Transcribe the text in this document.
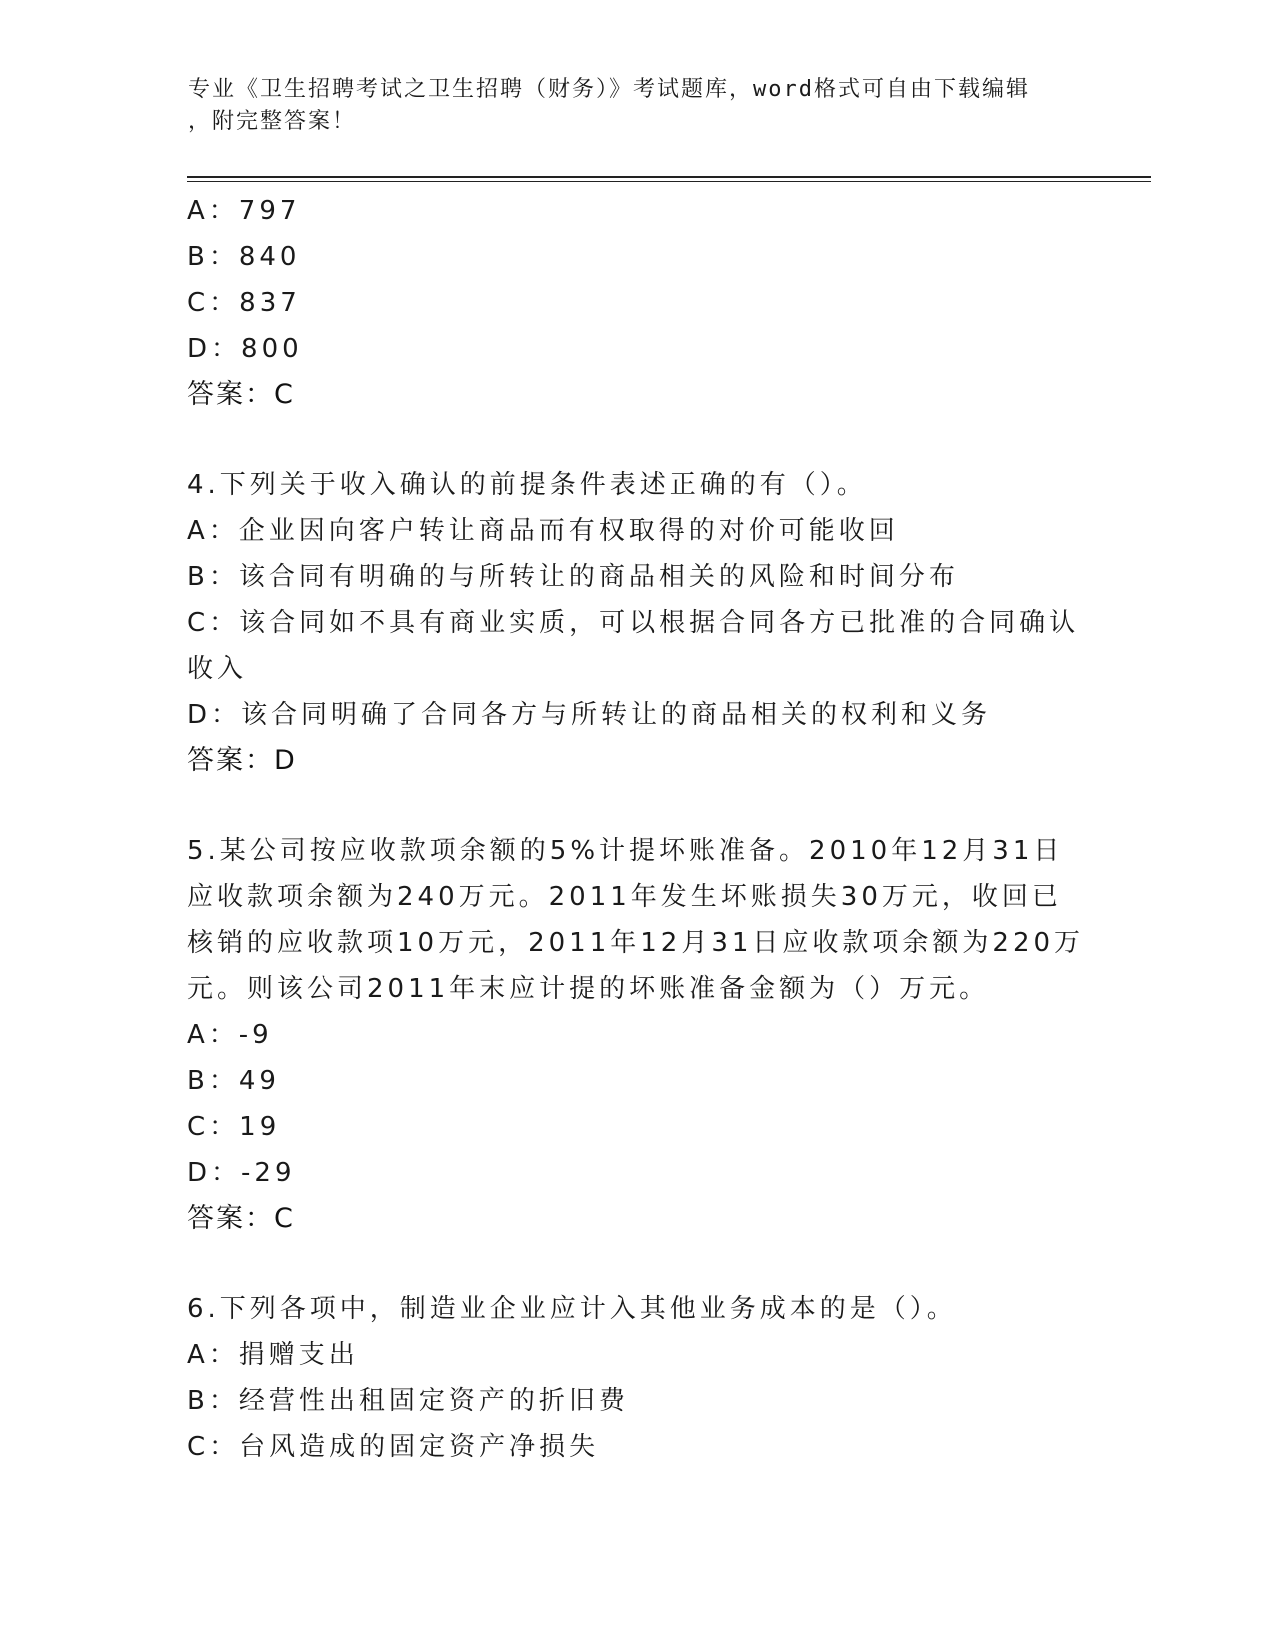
专业《卫生招聘考试之卫生招聘（财务）》考试题库，word格式可自由下载编辑
，附完整答案！
A：797
B：840
C：837
D：800
答案：C
4.下列关于收入确认的前提条件表述正确的有（）。
A：企业因向客户转让商品而有权取得的对价可能收回
B：该合同有明确的与所转让的商品相关的风险和时间分布
C：该合同如不具有商业实质，可以根据合同各方已批准的合同确认收入
D：该合同明确了合同各方与所转让的商品相关的权利和义务
答案：D
5.某公司按应收款项余额的5%计提坏账准备。2010年12月31日应收款项余额为240万元。2011年发生坏账损失30万元，收回已核销的应收款项10万元，2011年12月31日应收款项余额为220万元。则该公司2011年末应计提的坏账准备金额为（）万元。
A：-9
B：49
C：19
D：-29
答案：C
6.下列各项中，制造业企业应计入其他业务成本的是（）。
A：捐赠支出
B：经营性出租固定资产的折旧费
C：台风造成的固定资产净损失
